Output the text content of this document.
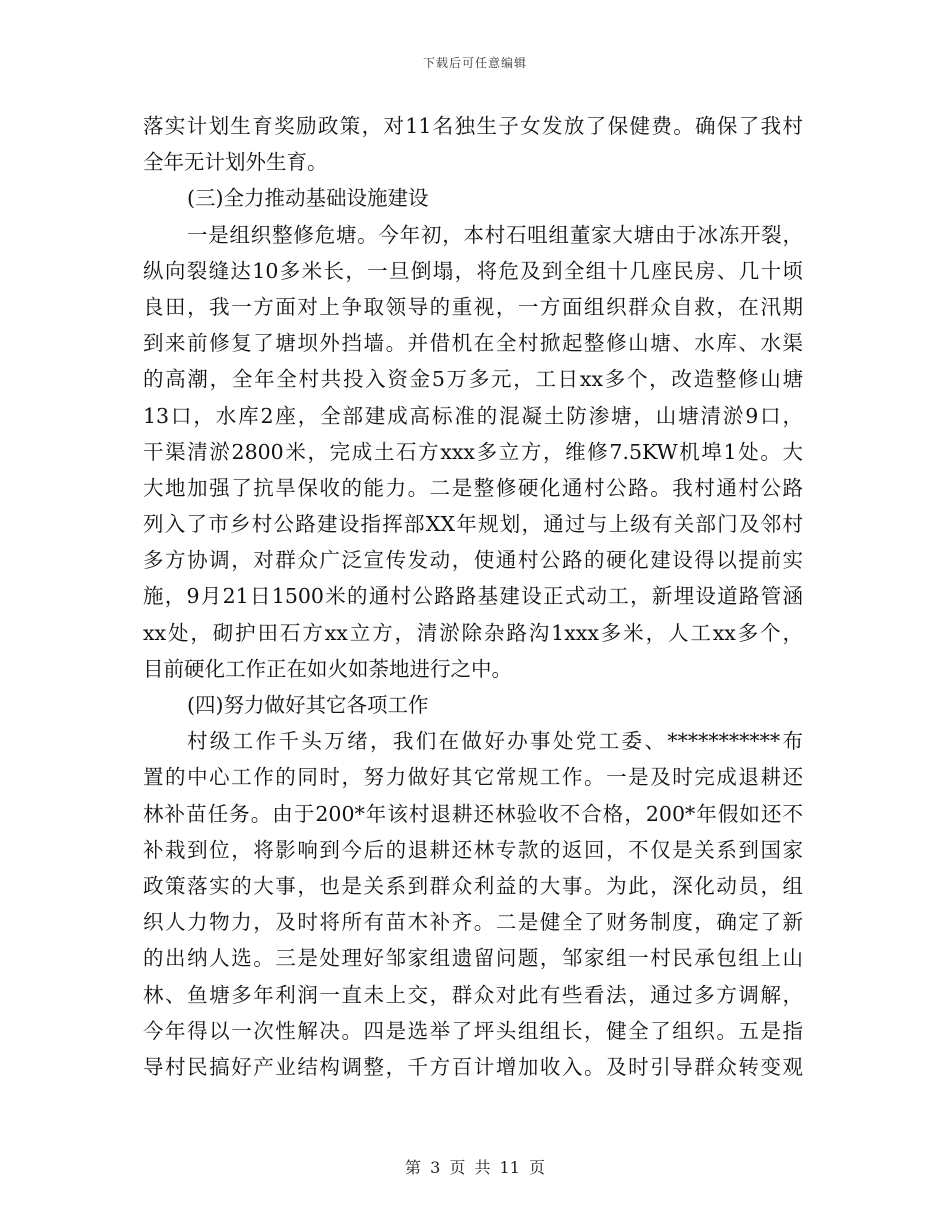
下载后可任意编辑
落实计划生育奖励政策，对11名独生子女发放了保健费。确保了我村
全年无计划外生育。
(三)全力推动基础设施建设
一是组织整修危塘。今年初，本村石咀组董家大塘由于冰冻开裂，
纵向裂缝达10多米长，一旦倒塌，将危及到全组十几座民房、几十顷
良田，我一方面对上争取领导的重视，一方面组织群众自救，在汛期
到来前修复了塘坝外挡墙。并借机在全村掀起整修山塘、水库、水渠
的高潮，全年全村共投入资金5万多元，工日xx多个，改造整修山塘
13口，水库2座，全部建成高标准的混凝土防渗塘，山塘清淤9口，
干渠清淤2800米，完成土石方xxx多立方，维修7.5KW机埠1处。大
大地加强了抗旱保收的能力。二是整修硬化通村公路。我村通村公路
列入了市乡村公路建设指挥部XX年规划，通过与上级有关部门及邻村
多方协调，对群众广泛宣传发动，使通村公路的硬化建设得以提前实
施，9月21日1500米的通村公路路基建设正式动工，新埋设道路管涵
xx处，砌护田石方xx立方，清淤除杂路沟1xxx多米，人工xx多个，
目前硬化工作正在如火如荼地进行之中。
(四)努力做好其它各项工作
村级工作千头万绪，我们在做好办事处党工委、***********布
置的中心工作的同时，努力做好其它常规工作。一是及时完成退耕还
林补苗任务。由于200*年该村退耕还林验收不合格，200*年假如还不
补栽到位，将影响到今后的退耕还林专款的返回，不仅是关系到国家
政策落实的大事，也是关系到群众利益的大事。为此，深化动员，组
织人力物力，及时将所有苗木补齐。二是健全了财务制度，确定了新
的出纳人选。三是处理好邹家组遗留问题，邹家组一村民承包组上山
林、鱼塘多年利润一直未上交，群众对此有些看法，通过多方调解，
今年得以一次性解决。四是选举了坪头组组长，健全了组织。五是指
导村民搞好产业结构调整，千方百计增加收入。及时引导群众转变观
第 3 页 共 11 页
